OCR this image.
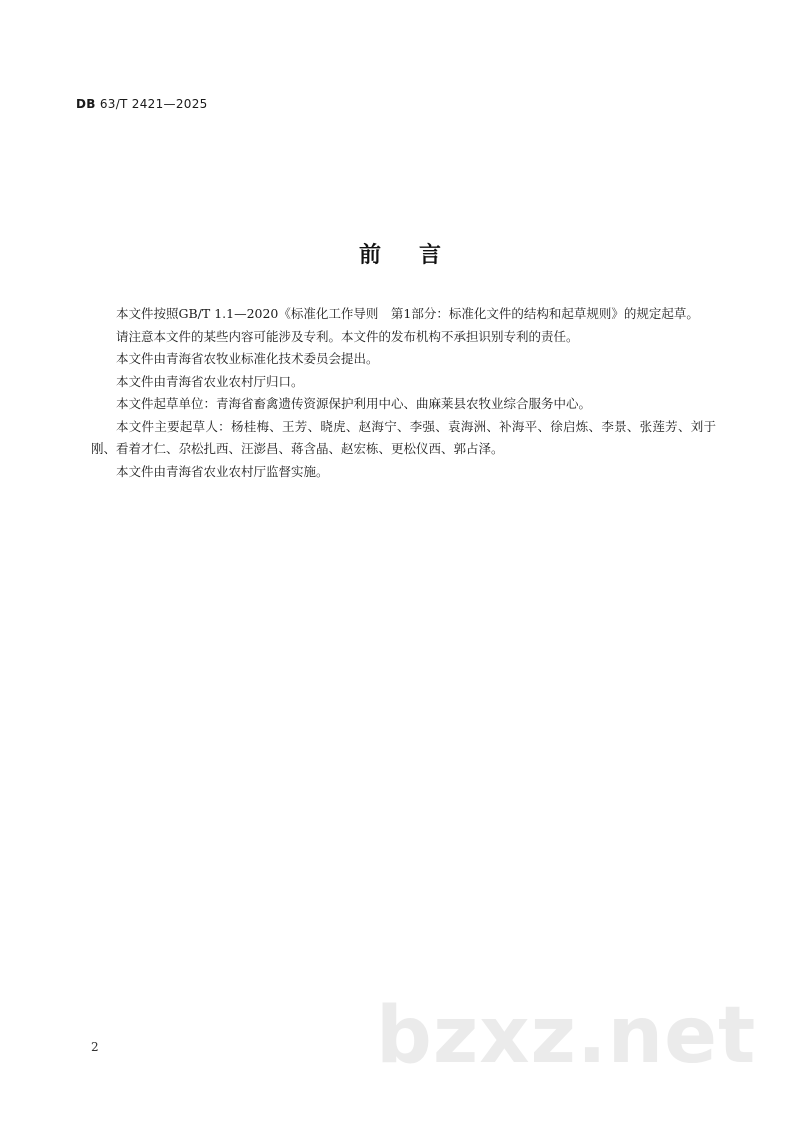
DB 63/T 2421—2025
前言

本文件按照GB/T 1.1—2020《标准化工作导则　第1部分：标准化文件的结构和起草规则》的规定起草。

请注意本文件的某些内容可能涉及专利。本文件的发布机构不承担识别专利的责任。

本文件由青海省农牧业标准化技术委员会提出。

本文件由青海省农业农村厅归口。

本文件起草单位：青海省畜禽遗传资源保护利用中心、曲麻莱县农牧业综合服务中心。

本文件主要起草人：杨桂梅、王芳、晓虎、赵海宁、李强、袁海洲、补海平、徐启炼、李景、张莲芳、刘于刚、看着才仁、尕松扎西、汪澎昌、蒋含晶、赵宏栋、更松仪西、郭占泽。

本文件由青海省农业农村厅监督实施。

2	bzxz.net
